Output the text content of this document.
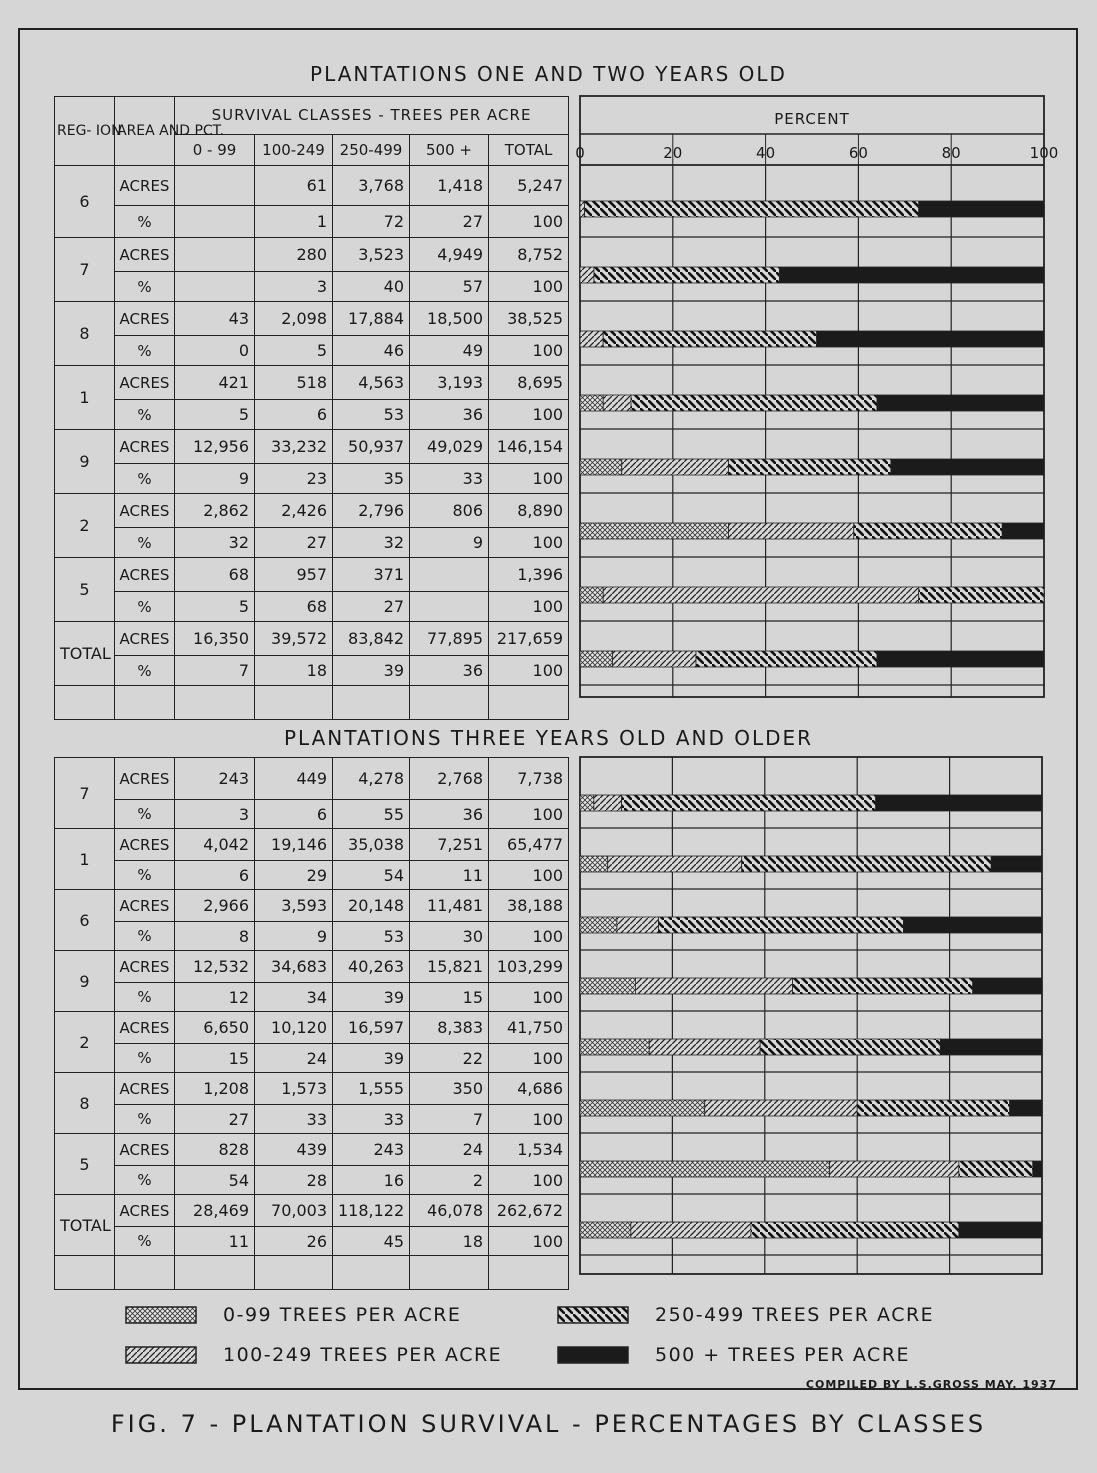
PLANTATIONS ONE AND TWO YEARS OLD
PLANTATIONS THREE YEARS OLD AND OLDER
REG- ION	AREA AND PCT.	SURVIVAL CLASSES - TREES PER ACRE				
		0 - 99	100-249	250-499	500 +	TOTAL
6	ACRES		61	3,768	1,418	5,247
	%		1	72	27	100
7	ACRES		280	3,523	4,949	8,752
	%		3	40	57	100
8	ACRES	43	2,098	17,884	18,500	38,525
	%	0	5	46	49	100
1	ACRES	421	518	4,563	3,193	8,695
	%	5	6	53	36	100
9	ACRES	12,956	33,232	50,937	49,029	146,154
	%	9	23	35	33	100
2	ACRES	2,862	2,426	2,796	806	8,890
	%	32	27	32	9	100
5	ACRES	68	957	371		1,396
	%	5	68	27		100
TOTAL	ACRES	16,350	39,572	83,842	77,895	217,659
	%	7	18	39	36	100

7	ACRES	243	449	4,278	2,768	7,738
	%	3	6	55	36	100
1	ACRES	4,042	19,146	35,038	7,251	65,477
	%	6	29	54	11	100
6	ACRES	2,966	3,593	20,148	11,481	38,188
	%	8	9	53	30	100
9	ACRES	12,532	34,683	40,263	15,821	103,299
	%	12	34	39	15	100
2	ACRES	6,650	10,120	16,597	8,383	41,750
	%	15	24	39	22	100
8	ACRES	1,208	1,573	1,555	350	4,686
	%	27	33	33	7	100
5	ACRES	828	439	243	24	1,534
	%	54	28	16	2	100
TOTAL	ACRES	28,469	70,003	118,122	46,078	262,672
	%	11	26	45	18	100

PERCENT
0	20	40	60	80	100
0-99 TREES PER ACRE	250-499 TREES PER ACRE
100-249 TREES PER ACRE	500 + TREES PER ACRE
COMPILED BY L.S.GROSS MAY, 1937
FIG. 7 - PLANTATION SURVIVAL - PERCENTAGES BY CLASSES
